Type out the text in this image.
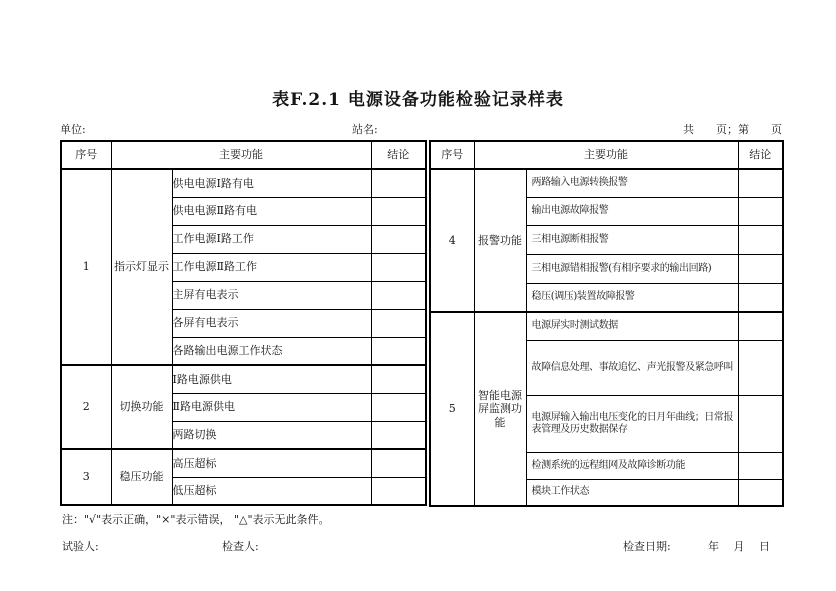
表F.2.1 电源设备功能检验记录样表
单位:	站名:	共　　页；第　　页
序号	主要功能		结论
1	指示灯显示	供电电源Ⅰ路有电	
		供电电源Ⅱ路有电	
		工作电源Ⅰ路工作	
		工作电源Ⅱ路工作	
		主屏有电表示	
		各屏有电表示	
		各路输出电源工作状态	
2	切换功能	Ⅰ路电源供电	
		Ⅱ路电源供电	
		两路切换	
3	稳压功能	高压超标	
		低压超标	
序号	主要功能		结论
4	报警功能	两路输入电源转换报警	
		输出电源故障报警	
		三相电源断相报警	
		三相电源错相报警(有相序要求的输出回路)	
		稳压(调压)装置故障报警	
5	智能电源屏监测功能	电源屏实时测试数据	
		故障信息处理、事故追忆、声光报警及紧急呼叫	
		电源屏输入输出电压变化的日月年曲线；日常报表管理及历史数据保存	
		检测系统的远程组网及故障诊断功能	
		模块工作状态	
注："√"表示正确，"×"表示错误， "△"表示无此条件。
试验人:	检查人:	检查日期:	年　 月　 日
